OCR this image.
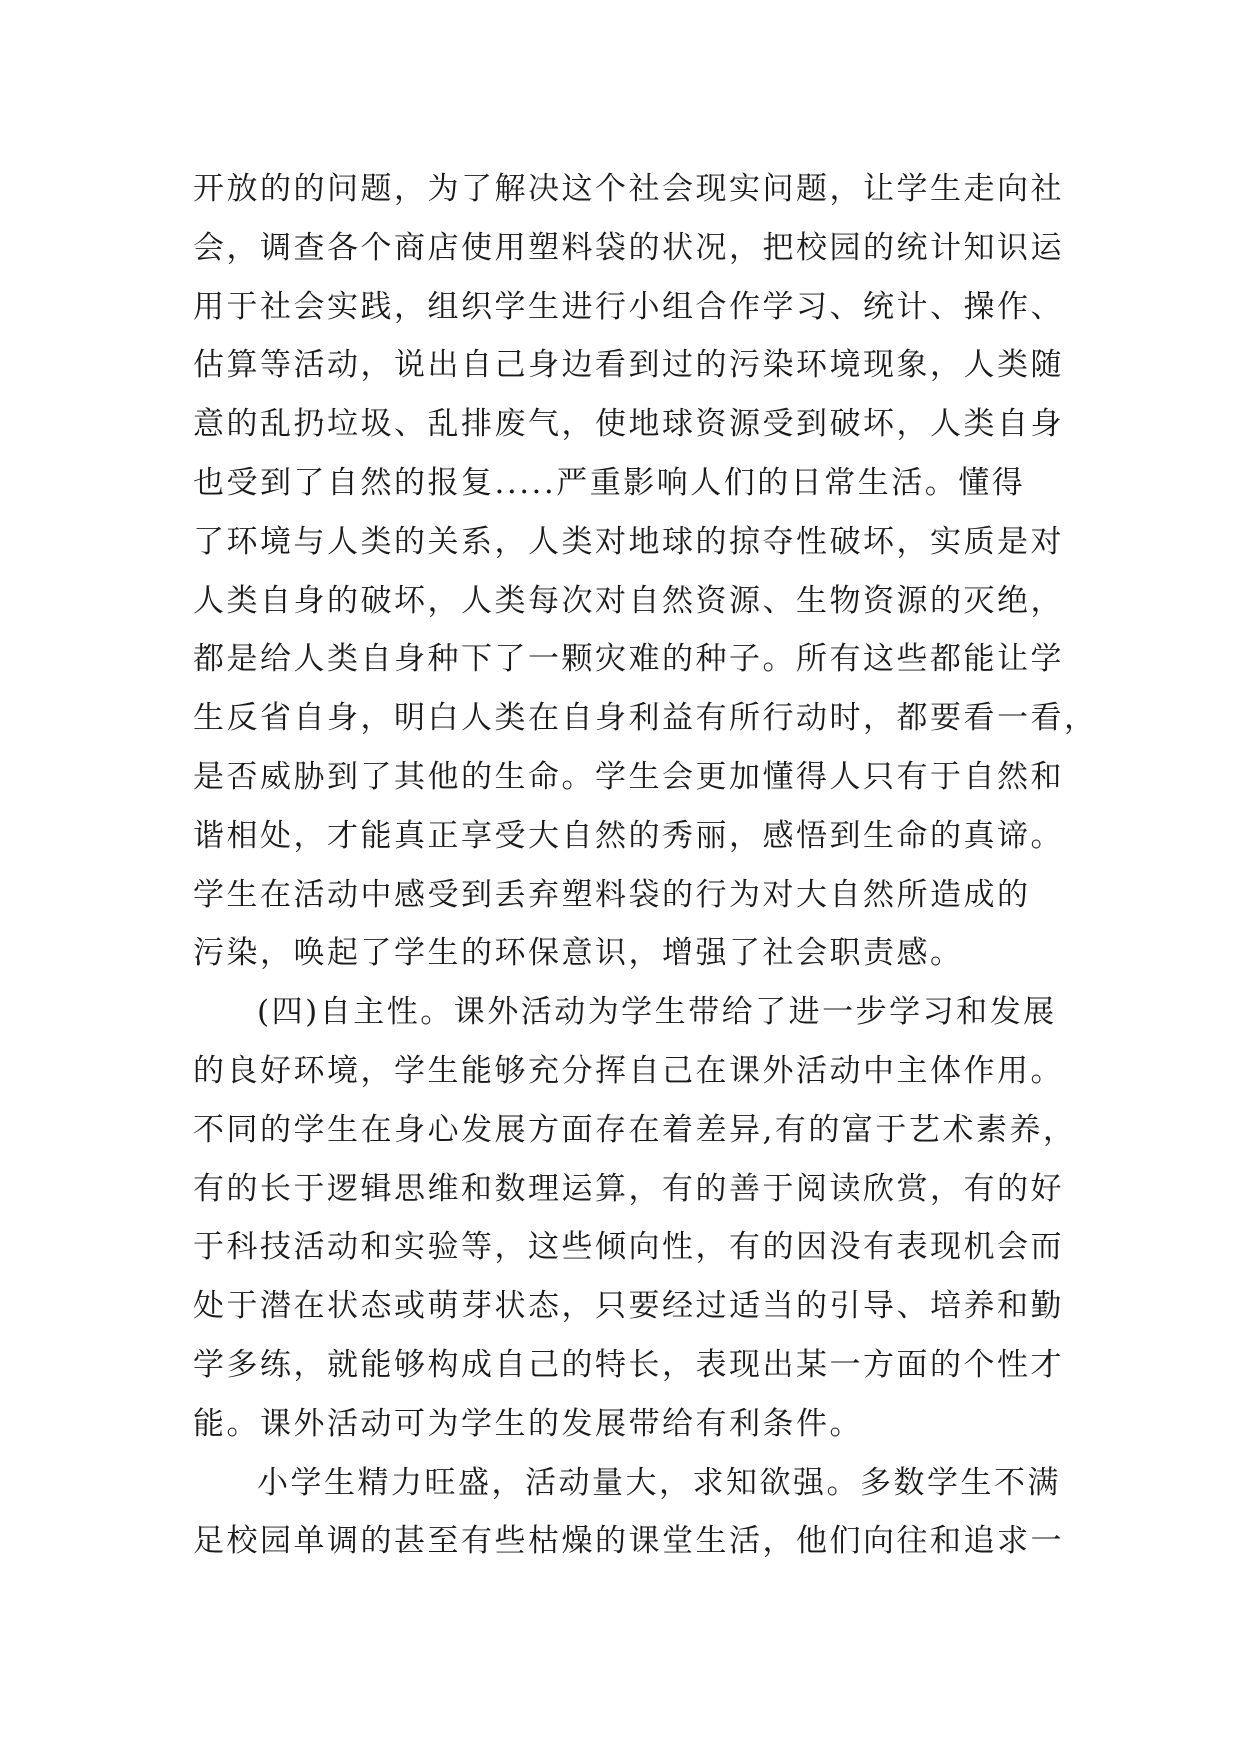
开放的的问题，为了解决这个社会现实问题，让学生走向社
会，调查各个商店使用塑料袋的状况，把校园的统计知识运
用于社会实践，组织学生进行小组合作学习、统计、操作、
估算等活动，说出自己身边看到过的污染环境现象，人类随
意的乱扔垃圾、乱排废气，使地球资源受到破坏，人类自身
也受到了自然的报复.....严重影响人们的日常生活。懂得
了环境与人类的关系，人类对地球的掠夺性破坏，实质是对
人类自身的破坏，人类每次对自然资源、生物资源的灭绝，
都是给人类自身种下了一颗灾难的种子。所有这些都能让学
生反省自身，明白人类在自身利益有所行动时，都要看一看，
是否威胁到了其他的生命。学生会更加懂得人只有于自然和
谐相处，才能真正享受大自然的秀丽，感悟到生命的真谛。
学生在活动中感受到丢弃塑料袋的行为对大自然所造成的
污染，唤起了学生的环保意识，增强了社会职责感。
(四)自主性。课外活动为学生带给了进一步学习和发展
的良好环境，学生能够充分挥自己在课外活动中主体作用。
不同的学生在身心发展方面存在着差异,有的富于艺术素养，
有的长于逻辑思维和数理运算，有的善于阅读欣赏，有的好
于科技活动和实验等，这些倾向性，有的因没有表现机会而
处于潜在状态或萌芽状态，只要经过适当的引导、培养和勤
学多练，就能够构成自己的特长，表现出某一方面的个性才
能。课外活动可为学生的发展带给有利条件。
小学生精力旺盛，活动量大，求知欲强。多数学生不满
足校园单调的甚至有些枯燥的课堂生活，他们向往和追求一
